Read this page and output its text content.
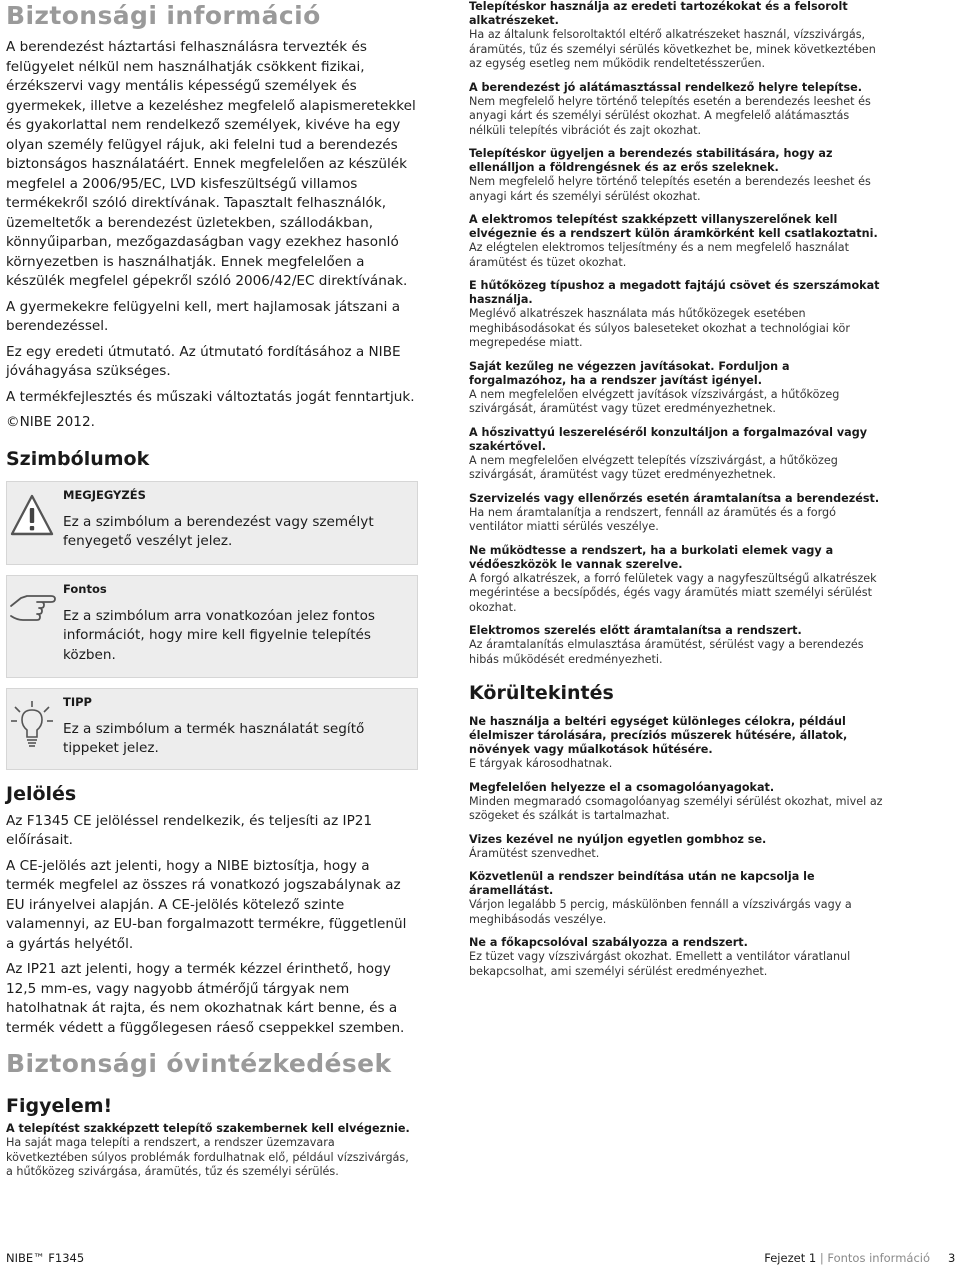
Biztonsági információ
A berendezést háztartási felhasználásra tervezték és felügyelet nélkül nem használhatják csökkent fizikai, érzékszervi vagy mentális képességű személyek és gyermekek, illetve a kezeléshez megfelelő alapismeretekkel és gyakorlattal nem rendelkező személyek, kivéve ha egy olyan személy felügyel rájuk, aki felelni tud a berendezés biztonságos használatáért. Ennek megfelelően az készülék megfelel a 2006/95/EC, LVD kisfeszültségű villamos termékekről szóló direktívának. Tapasztalt felhasználók, üzemeltetők a berendezést üzletekben, szállodákban, könnyűiparban, mezőgazdaságban vagy ezekhez hasonló környezetben is használhatják. Ennek megfelelően a készülék megfelel gépekről szóló 2006/42/EC direktívának.
A gyermekekre felügyelni kell, mert hajlamosak játszani a berendezéssel.
Ez egy eredeti útmutató. Az útmutató fordításához a NIBE jóváhagyása szükséges.
A termékfejlesztés és műszaki változtatás jogát fenntartjuk.
©NIBE 2012.
Szimbólumok
MEGJEGYZÉS
Ez a szimbólum a berendezést vagy személyt fenyegető veszélyt jelez.
Fontos
Ez a szimbólum arra vonatkozóan jelez fontos információt, hogy mire kell figyelnie telepítés közben.
TIPP
Ez a szimbólum a termék használatát segítő tippeket jelez.
Jelölés
Az F1345 CE jelöléssel rendelkezik, és teljesíti az IP21 előírásait.
A CE-jelölés azt jelenti, hogy a NIBE biztosítja, hogy a termék megfelel az összes rá vonatkozó jogszabálynak az EU irányelvei alapján. A CE-jelölés kötelező szinte valamennyi, az EU-ban forgalmazott termékre, függetlenül a gyártás helyétől.
Az IP21 azt jelenti, hogy a termék kézzel érinthető, hogy 12,5 mm-es, vagy nagyobb átmérőjű tárgyak nem hatolhatnak át rajta, és nem okozhatnak kárt benne, és a termék védett a függőlegesen ráeső cseppekkel szemben.
Biztonsági óvintézkedések
Figyelem!
A telepítést szakképzett telepítő szakembernek kell elvégeznie.
Ha saját maga telepíti a rendszert, a rendszer üzemzavara következtében súlyos problémák fordulhatnak elő, például vízszivárgás, a hűtőközeg szivárgása, áramütés, tűz és személyi sérülés.
Telepítéskor használja az eredeti tartozékokat és a felsorolt alkatrészeket.
Ha az általunk felsoroltaktól eltérő alkatrészeket használ, vízszivárgás, áramütés, tűz és személyi sérülés következhet be, minek következtében az egység esetleg nem működik rendeltetésszerűen.
A berendezést jó alátámasztással rendelkező helyre telepítse.
Nem megfelelő helyre történő telepítés esetén a berendezés leeshet és anyagi kárt és személyi sérülést okozhat. A megfelelő alátámasztás nélküli telepítés vibrációt és zajt okozhat.
Telepítéskor ügyeljen a berendezés stabilitására, hogy az ellenálljon a földrengésnek és az erős szeleknek.
Nem megfelelő helyre történő telepítés esetén a berendezés leeshet és anyagi kárt és személyi sérülést okozhat.
A elektromos telepítést szakképzett villanyszerelőnek kell elvégeznie és a rendszert külön áramkörként kell csatlakoztatni.
Az elégtelen elektromos teljesítmény és a nem megfelelő használat áramütést és tüzet okozhat.
E hűtőközeg típushoz a megadott fajtájú csövet és szerszámokat használja.
Meglévő alkatrészek használata más hűtőközegek esetében meghibásodásokat és súlyos baleseteket okozhat a technológiai kör megrepedése miatt.
Saját kezűleg ne végezzen javításokat. Forduljon a forgalmazóhoz, ha a rendszer javítást igényel.
A nem megfelelően elvégzett javítások vízszivárgást, a hűtőközeg szivárgását, áramütést vagy tüzet eredményezhetnek.
A hőszivattyú leszereléséről konzultáljon a forgalmazóval vagy szakértővel.
A nem megfelelően elvégzett telepítés vízszivárgást, a hűtőközeg szivárgását, áramütést vagy tüzet eredményezhetnek.
Szervizelés vagy ellenőrzés esetén áramtalanítsa a berendezést.
Ha nem áramtalanítja a rendszert, fennáll az áramütés és a forgó ventilátor miatti sérülés veszélye.
Ne működtesse a rendszert, ha a burkolati elemek vagy a védőeszközök le vannak szerelve.
A forgó alkatrészek, a forró felületek vagy a nagyfeszültségű alkatrészek megérintése a becsípődés, égés vagy áramütés miatt személyi sérülést okozhat.
Elektromos szerelés előtt áramtalanítsa a rendszert.
Az áramtalanítás elmulasztása áramütést, sérülést vagy a berendezés hibás működését eredményezheti.
Körültekintés
Ne használja a beltéri egységet különleges célokra, például élelmiszer tárolására, precíziós műszerek hűtésére, állatok, növények vagy műalkotások hűtésére.
E tárgyak károsodhatnak.
Megfelelően helyezze el a csomagolóanyagokat.
Minden megmaradó csomagolóanyag személyi sérülést okozhat, mivel az szögeket és szálkát is tartalmazhat.
Vizes kezével ne nyúljon egyetlen gombhoz se.
Áramütést szenvedhet.
Közvetlenül a rendszer beindítása után ne kapcsolja le áramellátást.
Várjon legalább 5 percig, máskülönben fennáll a vízszivárgás vagy a meghibásodás veszélye.
Ne a főkapcsolóval szabályozza a rendszert.
Ez tüzet vagy vízszivárgást okozhat. Emellett a ventilátor váratlanul bekapcsolhat, ami személyi sérülést eredményezhet.
NIBE™ F1345	Fejezet 1 | Fontos információ 3
